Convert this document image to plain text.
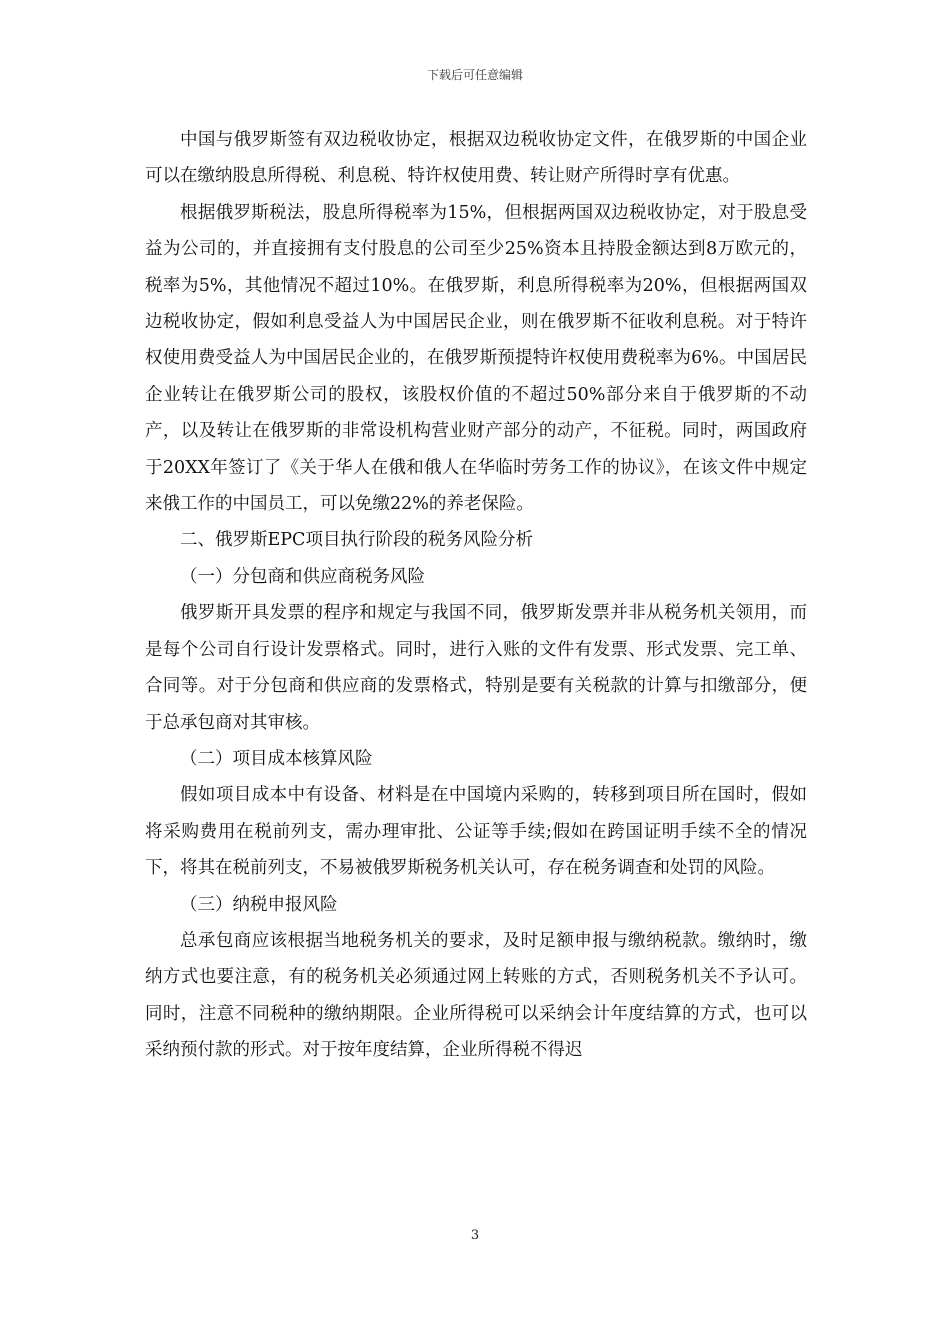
下载后可任意编辑

中国与俄罗斯签有双边税收协定，根据双边税收协定文件，在俄罗斯的中国企业可以在缴纳股息所得税、利息税、特许权使用费、转让财产所得时享有优惠。

根据俄罗斯税法，股息所得税率为15%，但根据两国双边税收协定，对于股息受益为公司的，并直接拥有支付股息的公司至少25%资本且持股金额达到8万欧元的，税率为5%，其他情况不超过10%。在俄罗斯，利息所得税率为20%，但根据两国双边税收协定，假如利息受益人为中国居民企业，则在俄罗斯不征收利息税。对于特许权使用费受益人为中国居民企业的，在俄罗斯预提特许权使用费税率为6%。中国居民企业转让在俄罗斯公司的股权，该股权价值的不超过50%部分来自于俄罗斯的不动产，以及转让在俄罗斯的非常设机构营业财产部分的动产，不征税。同时，两国政府于20XX年签订了《关于华人在俄和俄人在华临时劳务工作的协议》，在该文件中规定来俄工作的中国员工，可以免缴22%的养老保险。

二、俄罗斯EPC项目执行阶段的税务风险分析

（一）分包商和供应商税务风险

俄罗斯开具发票的程序和规定与我国不同，俄罗斯发票并非从税务机关领用，而是每个公司自行设计发票格式。同时，进行入账的文件有发票、形式发票、完工单、合同等。对于分包商和供应商的发票格式，特别是要有关税款的计算与扣缴部分，便于总承包商对其审核。

（二）项目成本核算风险

假如项目成本中有设备、材料是在中国境内采购的，转移到项目所在国时，假如将采购费用在税前列支，需办理审批、公证等手续;假如在跨国证明手续不全的情况下，将其在税前列支，不易被俄罗斯税务机关认可，存在税务调查和处罚的风险。

（三）纳税申报风险

总承包商应该根据当地税务机关的要求，及时足额申报与缴纳税款。缴纳时，缴纳方式也要注意，有的税务机关必须通过网上转账的方式，否则税务机关不予认可。同时，注意不同税种的缴纳期限。企业所得税可以采纳会计年度结算的方式，也可以采纳预付款的形式。对于按年度结算，企业所得税不得迟

3
